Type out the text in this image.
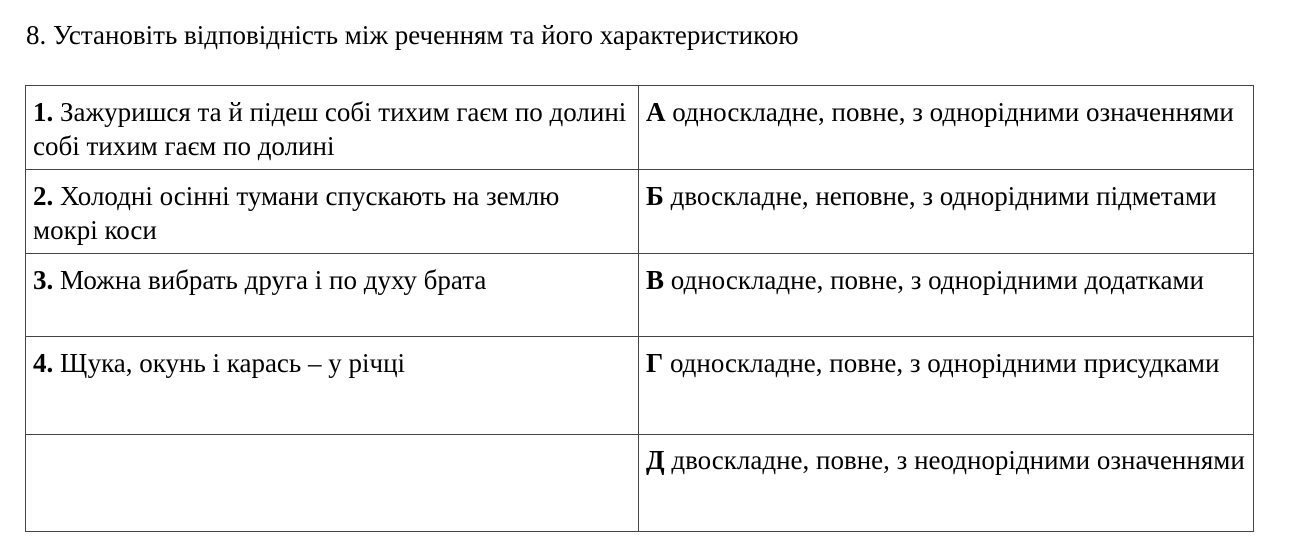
8. Установіть відповідність між реченням та його характеристикою
1. Зажуришся та й підеш собі тихим гаєм по долині собі тихим гаєм по долині	А односкладне, повне, з однорідними означеннями
2. Холодні осінні тумани спускають на землю мокрі коси	Б двоскладне, неповне, з однорідними підметами
3. Можна вибрать друга і по духу брата	В односкладне, повне, з однорідними додатками
4. Щука, окунь і карась – у річці	Г односкладне, повне, з однорідними присудками
	Д двоскладне, повне, з неоднорідними означеннями
